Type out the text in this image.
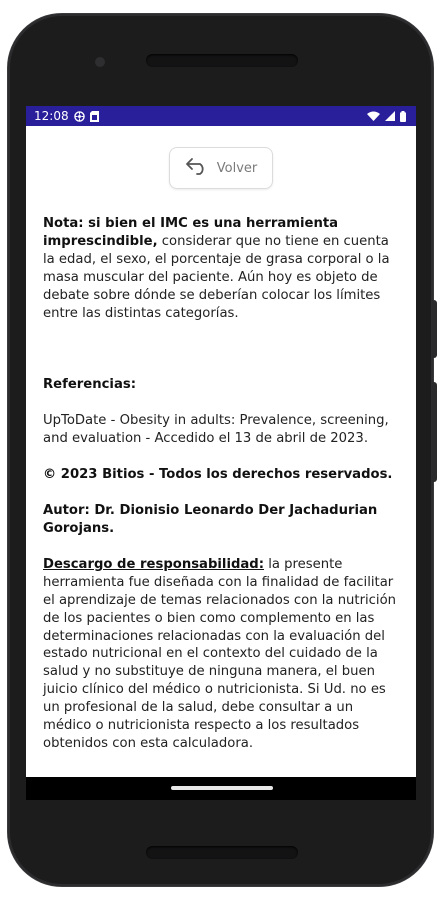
12:08
Volver

Nota: si bien el IMC es una herramienta imprescindible, considerar que no tiene en cuenta la edad, el sexo, el porcentaje de grasa corporal o la masa muscular del paciente. Aún hoy es objeto de debate sobre dónde se deberían colocar los límites entre las distintas categorías.

Referencias:

UpToDate - Obesity in adults: Prevalence, screening, and evaluation - Accedido el 13 de abril de 2023.

© 2023 Bitios - Todos los derechos reservados.

Autor: Dr. Dionisio Leonardo Der Jachadurian Gorojans.

Descargo de responsabilidad: la presente herramienta fue diseñada con la finalidad de facilitar el aprendizaje de temas relacionados con la nutrición de los pacientes o bien como complemento en las determinaciones relacionadas con la evaluación del estado nutricional en el contexto del cuidado de la salud y no substituye de ninguna manera, el buen juicio clínico del médico o nutricionista. Si Ud. no es un profesional de la salud, debe consultar a un médico o nutricionista respecto a los resultados obtenidos con esta calculadora.
